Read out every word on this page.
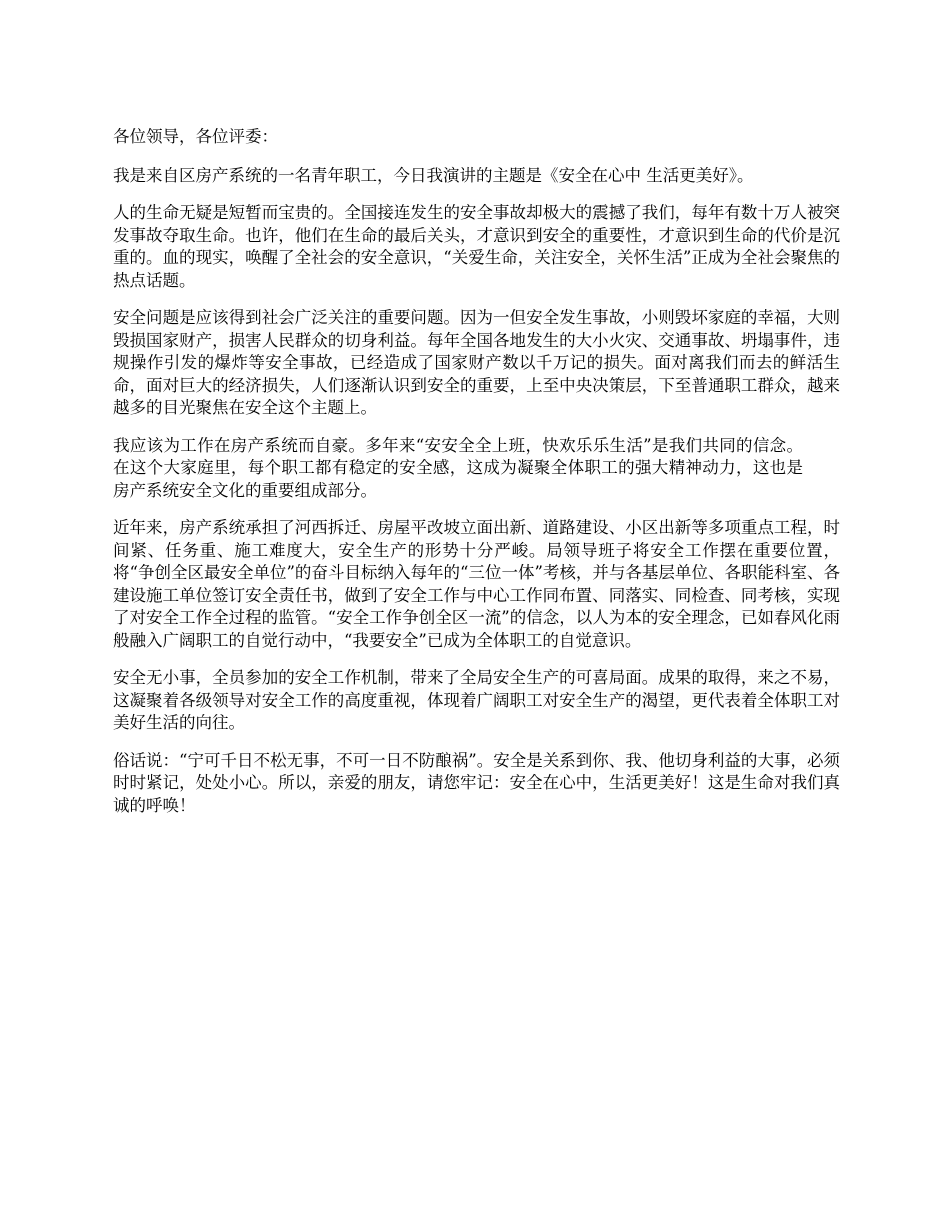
各位领导，各位评委：

我是来自区房产系统的一名青年职工，今日我演讲的主题是《安全在心中 生活更美好》。

人的生命无疑是短暂而宝贵的。全国接连发生的安全事故却极大的震撼了我们，每年有数十万人被突发事故夺取生命。也许，他们在生命的最后关头，才意识到安全的重要性，才意识到生命的代价是沉重的。血的现实，唤醒了全社会的安全意识，“关爱生命，关注安全，关怀生活”正成为全社会聚焦的热点话题。

安全问题是应该得到社会广泛关注的重要问题。因为一但安全发生事故，小则毁坏家庭的幸福，大则毁损国家财产，损害人民群众的切身利益。每年全国各地发生的大小火灾、交通事故、坍塌事件，违规操作引发的爆炸等安全事故，已经造成了国家财产数以千万记的损失。面对离我们而去的鲜活生命，面对巨大的经济损失，人们逐渐认识到安全的重要，上至中央决策层，下至普通职工群众，越来越多的目光聚焦在安全这个主题上。

我应该为工作在房产系统而自豪。多年来“安安全全上班，快欢乐乐生活”是我们共同的信念。在这个大家庭里，每个职工都有稳定的安全感，这成为凝聚全体职工的强大精神动力，这也是房产系统安全文化的重要组成部分。

近年来，房产系统承担了河西拆迁、房屋平改坡立面出新、道路建设、小区出新等多项重点工程，时间紧、任务重、施工难度大，安全生产的形势十分严峻。局领导班子将安全工作摆在重要位置，将“争创全区最安全单位”的奋斗目标纳入每年的“三位一体”考核，并与各基层单位、各职能科室、各建设施工单位签订安全责任书，做到了安全工作与中心工作同布置、同落实、同检查、同考核，实现了对安全工作全过程的监管。“安全工作争创全区一流”的信念，以人为本的安全理念，已如春风化雨般融入广阔职工的自觉行动中，“我要安全”已成为全体职工的自觉意识。

安全无小事，全员参加的安全工作机制，带来了全局安全生产的可喜局面。成果的取得，来之不易，这凝聚着各级领导对安全工作的高度重视，体现着广阔职工对安全生产的渴望，更代表着全体职工对美好生活的向往。

俗话说：“宁可千日不松无事，不可一日不防酿祸”。安全是关系到你、我、他切身利益的大事，必须时时紧记，处处小心。所以，亲爱的朋友，请您牢记：安全在心中，生活更美好！这是生命对我们真诚的呼唤！
